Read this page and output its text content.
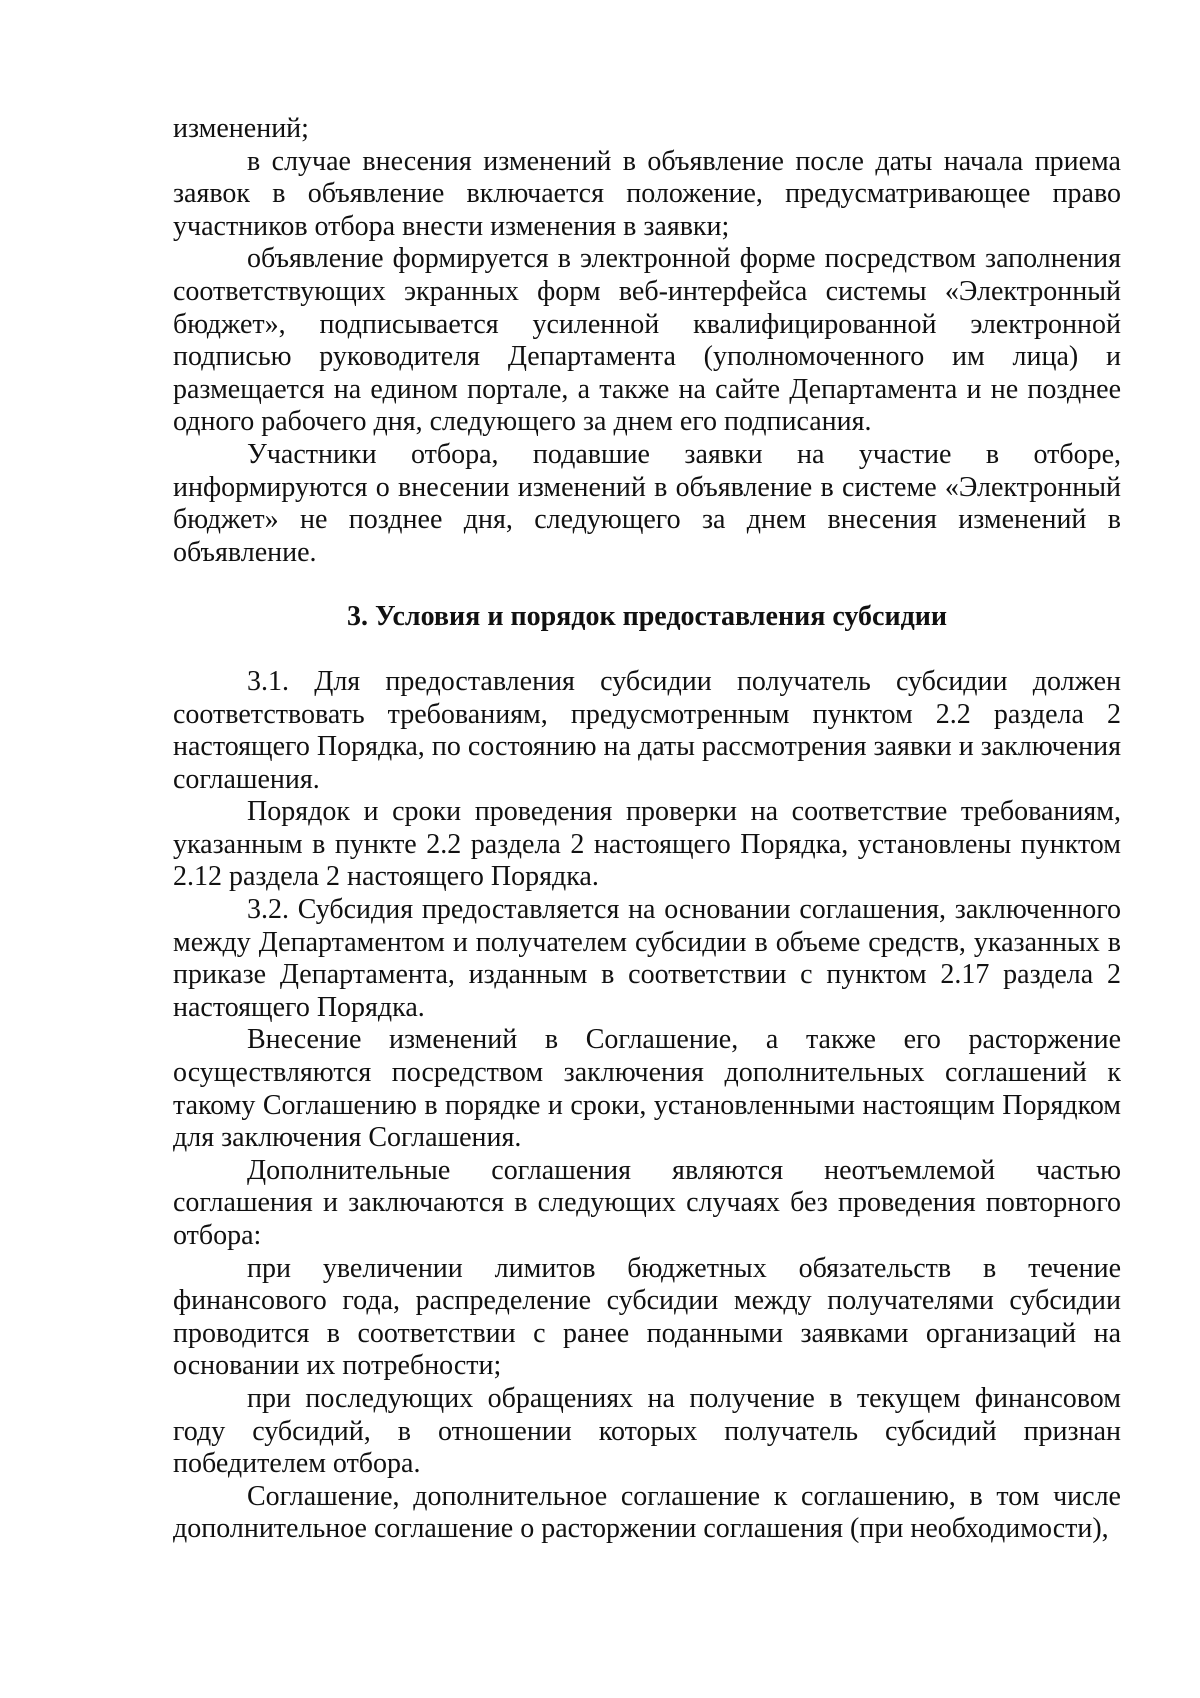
изменений;

в случае внесения изменений в объявление после даты начала приема заявок в объявление включается положение, предусматривающее право участников отбора внести изменения в заявки;

объявление формируется в электронной форме посредством заполнения соответствующих экранных форм веб-интерфейса системы «Электронный бюджет», подписывается усиленной квалифицированной электронной подписью руководителя Департамента (уполномоченного им лица) и размещается на едином портале, а также на сайте Департамента и не позднее одного рабочего дня, следующего за днем его подписания.

Участники отбора, подавшие заявки на участие в отборе, информируются о внесении изменений в объявление в системе «Электронный бюджет» не позднее дня, следующего за днем внесения изменений в объявление.

3. Условия и порядок предоставления субсидии

3.1. Для предоставления субсидии получатель субсидии должен соответствовать требованиям, предусмотренным пунктом 2.2 раздела 2 настоящего Порядка, по состоянию на даты рассмотрения заявки и заключения соглашения.

Порядок и сроки проведения проверки на соответствие требованиям, указанным в пункте 2.2 раздела 2 настоящего Порядка, установлены пунктом 2.12 раздела 2 настоящего Порядка.

3.2. Субсидия предоставляется на основании соглашения, заключенного между Департаментом и получателем субсидии в объеме средств, указанных в приказе Департамента, изданным в соответствии с пунктом 2.17 раздела 2 настоящего Порядка.

Внесение изменений в Соглашение, а также его расторжение осуществляются посредством заключения дополнительных соглашений к такому Соглашению в порядке и сроки, установленными настоящим Порядком для заключения Соглашения.

Дополнительные соглашения являются неотъемлемой частью соглашения и заключаются в следующих случаях без проведения повторного отбора:

при увеличении лимитов бюджетных обязательств в течение финансового года, распределение субсидии между получателями субсидии проводится в соответствии с ранее поданными заявками организаций на основании их потребности;

при последующих обращениях на получение в текущем финансовом году субсидий, в отношении которых получатель субсидий признан победителем отбора.

Соглашение, дополнительное соглашение к соглашению, в том числе дополнительное соглашение о расторжении соглашения (при необходимости),
